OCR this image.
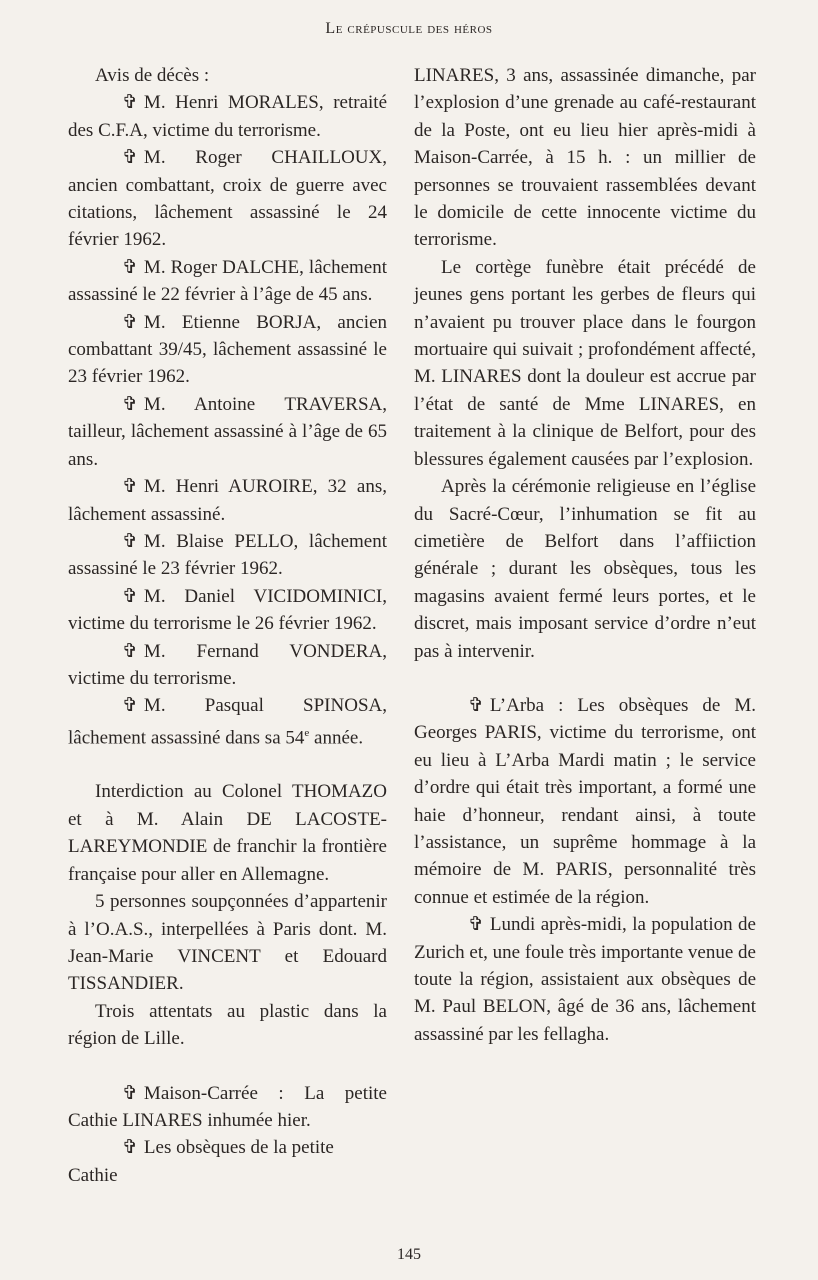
Le crépuscule des héros

Avis de décès :

✞ M. Henri MORALES, retraité des C.F.A, victime du terrorisme.

✞ M. Roger CHAILLOUX, ancien combattant, croix de guerre avec citations, lâchement assassiné le 24 février 1962.

✞ M. Roger DALCHE, lâchement assassiné le 22 février à l’âge de 45 ans.

✞ M. Etienne BORJA, ancien combattant 39/45, lâchement assassiné le 23 février 1962.

✞ M. Antoine TRAVERSA, tailleur, lâchement assassiné à l’âge de 65 ans.

✞ M. Henri AUROIRE, 32 ans, lâchement assassiné.

✞ M. Blaise PELLO, lâchement assassiné le 23 février 1962.

✞ M. Daniel VICIDOMINICI, victime du terrorisme le 26 février 1962.

✞ M. Fernand VONDERA, victime du terrorisme.

✞ M. Pasqual SPINOSA, lâchement assassiné dans sa 54e année.

Interdiction au Colonel THOMAZO et à M. Alain DE LACOSTE-LAREYMONDIE de franchir la frontière française pour aller en Allemagne.

5 personnes soupçonnées d’appartenir à l’O.A.S., interpellées à Paris dont. M. Jean-Marie VINCENT et Edouard TISSANDIER.

Trois attentats au plastic dans la région de Lille.

✞ Maison-Carrée : La petite Cathie LINARES inhumée hier.

✞ Les obsèques de la petite Cathie

LINARES, 3 ans, assassinée dimanche, par l’explosion d’une grenade au café-restaurant de la Poste, ont eu lieu hier après-midi à Maison-Carrée, à 15 h. : un millier de personnes se trouvaient rassemblées devant le domicile de cette innocente victime du terrorisme.

Le cortège funèbre était précédé de jeunes gens portant les gerbes de fleurs qui n’avaient pu trouver place dans le fourgon mortuaire qui suivait ; profondément affecté, M. LINARES dont la douleur est accrue par l’état de santé de Mme LINARES, en traitement à la clinique de Belfort, pour des blessures également causées par l’explosion.

Après la cérémonie religieuse en l’église du Sacré-Cœur, l’inhumation se fit au cimetière de Belfort dans l’affiiction générale ; durant les obsèques, tous les magasins avaient fermé leurs portes, et le discret, mais imposant service d’ordre n’eut pas à intervenir.

✞ L’Arba : Les obsèques de M. Georges PARIS, victime du terrorisme, ont eu lieu à L’Arba Mardi matin ; le service d’ordre qui était très important, a formé une haie d’honneur, rendant ainsi, à toute l’assistance, un suprême hommage à la mémoire de M. PARIS, personnalité très connue et estimée de la région.

✞ Lundi après-midi, la population de Zurich et, une foule très importante venue de toute la région, assistaient aux obsèques de M. Paul BELON, âgé de 36 ans, lâchement assassiné par les fellagha.

145
